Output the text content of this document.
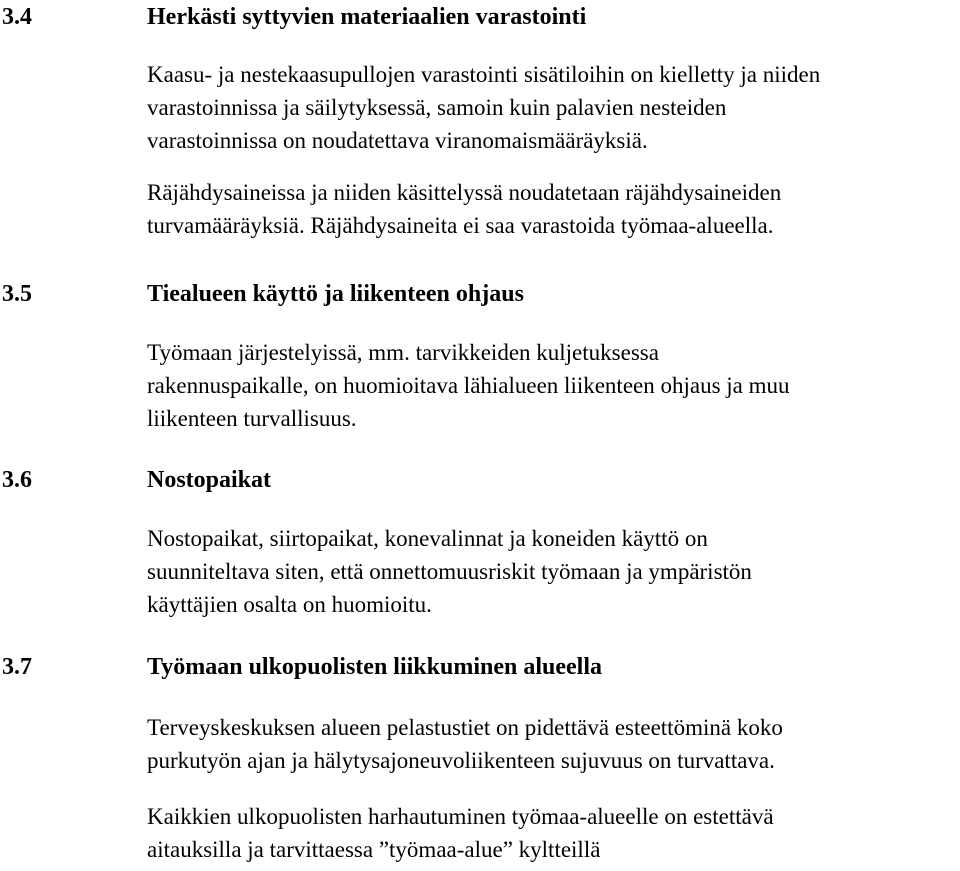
3.4	Herkästi syttyvien materiaalien varastointi
Kaasu- ja nestekaasupullojen varastointi sisätiloihin on kielletty ja niiden
varastoinnissa ja säilytyksessä, samoin kuin palavien nesteiden
varastoinnissa on noudatettava viranomaismääräyksiä.
Räjähdysaineissa ja niiden käsittelyssä noudatetaan räjähdysaineiden
turvamääräyksiä. Räjähdysaineita ei saa varastoida työmaa-alueella.
3.5	Tiealueen käyttö ja liikenteen ohjaus
Työmaan järjestelyissä, mm. tarvikkeiden kuljetuksessa
rakennuspaikalle, on huomioitava lähialueen liikenteen ohjaus ja muu
liikenteen turvallisuus.
3.6	Nostopaikat
Nostopaikat, siirtopaikat, konevalinnat ja koneiden käyttö on
suunniteltava siten, että onnettomuusriskit työmaan ja ympäristön
käyttäjien osalta on huomioitu.
3.7	Työmaan ulkopuolisten liikkuminen alueella
Terveyskeskuksen alueen pelastustiet on pidettävä esteettöminä koko
purkutyön ajan ja hälytysajoneuvoliikenteen sujuvuus on turvattava.
Kaikkien ulkopuolisten harhautuminen työmaa-alueelle on estettävä
aitauksilla ja tarvittaessa ”työmaa-alue” kyltteillä
